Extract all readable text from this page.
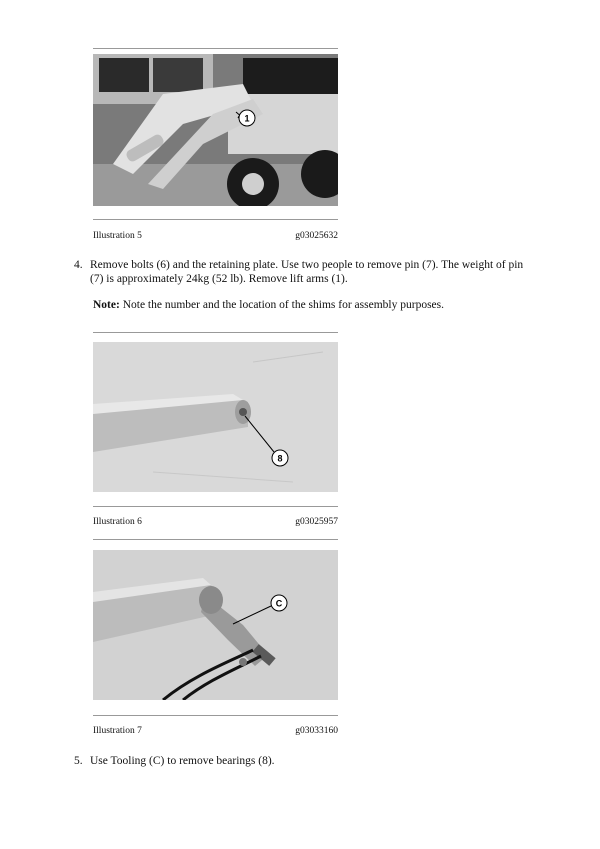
1
Illustration 5	g03025632
4. Remove bolts (6) and the retaining plate. Use two people to remove pin (7). The weight of pin (7) is approximately 24kg (52 lb). Remove lift arms (1).
Note: Note the number and the location of the shims for assembly purposes.
8
Illustration 6	g03025957
C
Illustration 7	g03033160
5. Use Tooling (C) to remove bearings (8).
